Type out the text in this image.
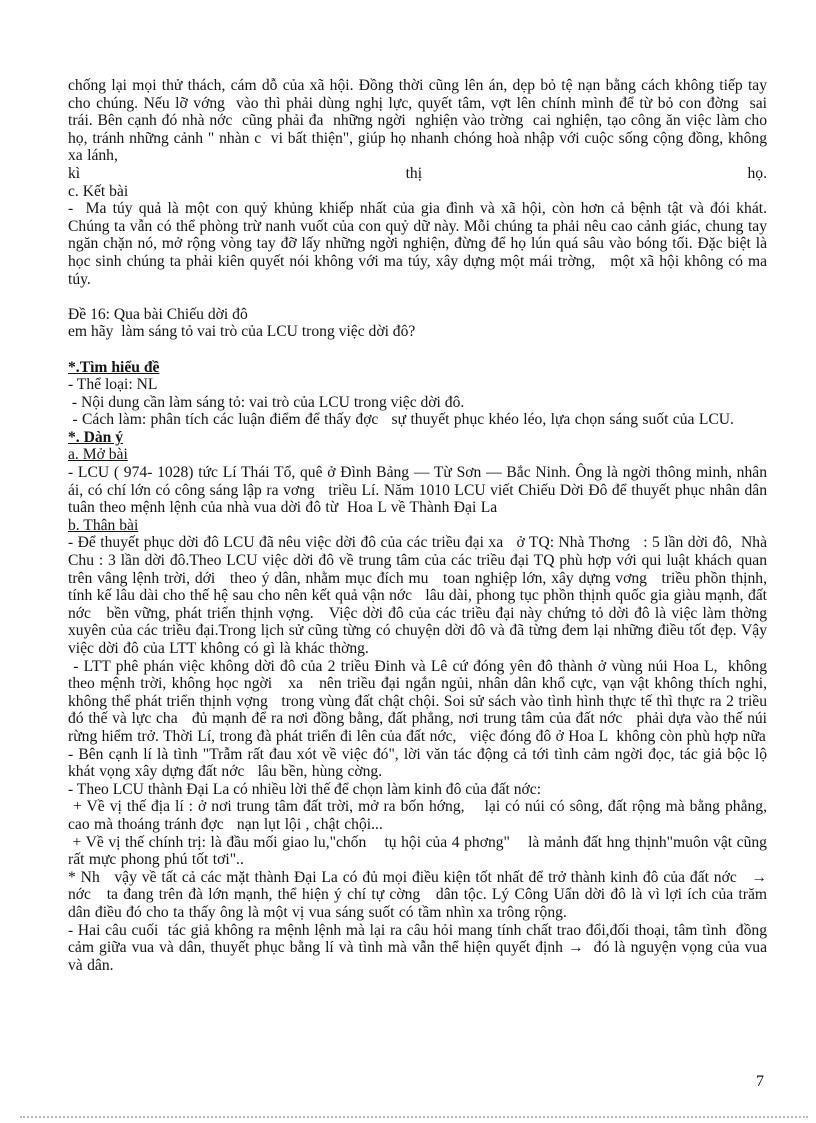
chống lại mọi thử thách, cám dỗ của xã hội. Đồng thời cũng lên án, dẹp bỏ tệ nạn bằng cách không tiếp tay cho chúng. Nếu lỡ vớng  vào thì phải dùng nghị lực, quyết tâm, vợt lên chính mình để từ bỏ con đờng  sai trái. Bên cạnh đó nhà nớc  cũng phải đa  những ngời  nghiện vào trờng  cai nghiện, tạo công ăn việc làm cho họ, tránh những cảnh " nhàn c  vi bất thiện", giúp họ nhanh chóng hoà nhập với cuộc sống cộng đồng, không xa lánh,
kì	thị	họ.
c. Kết bài
-  Ma túy quả là một con quỷ khủng khiếp nhất của gia đình và xã hội, còn hơn cả bệnh tật và đói khát. Chúng ta vẫn có thể phòng trừ nanh vuốt của con quỷ dữ này. Mỗi chúng ta phải nêu cao cảnh giác, chung tay ngăn chặn nó, mở rộng vòng tay đỡ lấy những ngời nghiện, đừng để họ lún quá sâu vào bóng tối. Đặc biệt là học sinh chúng ta phải kiên quyết nói không với ma túy, xây dựng một mái trờng,   một xã hội không có ma túy.
Đề 16: Qua bài Chiếu dời đô
em hãy  làm sáng tỏ vai trò của LCU trong việc dời đô?
*.Tìm hiểu đề
- Thể loại: NL
- Nội dung cần làm sáng tỏ: vai trò của LCU trong việc dời đô.
- Cách làm: phân tích các luận điểm để thấy đợc   sự thuyết phục khéo léo, lựa chọn sáng suốt của LCU.
*. Dàn ý
a. Mở bài
- LCU ( 974- 1028) tức Lí Thái Tổ, quê ở Đình Bảng — Từ Sơn — Bắc Ninh. Ông là ngời thông minh, nhân ái, có chí lớn có công sáng lập ra vơng   triều Lí. Năm 1010 LCU viết Chiếu Dời Đô để thuyết phục nhân dân tuân theo mệnh lệnh của nhà vua dời đô từ  Hoa L về Thành Đại La
b. Thân bài
- Để thuyết phục dời đô LCU đã nêu việc dời đô của các triều đại xa   ở TQ: Nhà Thơng   : 5 lần dời đô,  Nhà Chu : 3 lần dời đô.Theo LCU việc dời đô về trung tâm của các triều đại TQ phù hợp với qui luật khách quan trên vâng lệnh trời, dới   theo ý dân, nhằm mục đích mu   toan nghiệp lớn, xây dựng vơng   triều phồn thịnh, tính kế lâu dài cho thế hệ sau cho nên kết quả vận nớc   lâu dài, phong tục phồn thịnh quốc gia giàu mạnh, đất nớc   bền vững, phát triển thịnh vợng.   Việc dời đô của các triều đại này chứng tỏ dời đô là việc làm thờng   xuyên của các triều đại.Trong lịch sử cũng từng có chuyện dời đô và đã từng đem lại những điều tốt đẹp. Vậy việc dời đô của LTT không có gì là khác thờng.
- LTT phê phán việc không dời đô của 2 triều Đinh và Lê cứ đóng yên đô thành ở vùng núi Hoa L,  không theo mệnh trời, không học ngời   xa   nên triều đại ngắn ngủi, nhân dân khổ cực, vạn vật không thích nghi, không thể phát triển thịnh vợng   trong vùng đất chật chội. Soi sử sách vào tình hình thực tế thì thực ra 2 triều đó thế và lực cha   đủ mạnh để ra nơi đồng bằng, đất phẳng, nơi trung tâm của đất nớc   phải dựa vào thế núi rừng hiểm trở. Thời Lí, trong đà phát triển đi lên của đất nớc,   việc đóng đô ở Hoa L  không còn phù hợp nữa
- Bên cạnh lí là tình "Trẫm rất đau xót về việc đó", lời văn tác động cả tới tình cảm ngời đọc, tác giả bộc lộ khát vọng xây dựng đất nớc   lâu bền, hùng cờng.
- Theo LCU thành Đại La có nhiều lời thế để chọn làm kinh đô của đất nớc:
+ Về vị thế địa lí : ở nơi trung tâm đất trời, mở ra bốn hớng,    lại có núi có sông, đất rộng mà bằng phẳng, cao mà thoáng tránh đợc   nạn lụt lội , chật chội...
+ Về vị thế chính trị: là đầu mối giao lu,"chốn    tụ hội của 4 phơng"    là mảnh đất hng thịnh"muôn vật cũng rất mực phong phú tốt tơi"..
* Nh   vậy về tất cả các mặt thành Đại La có đủ mọi điều kiện tốt nhất để trở thành kinh đô của đất nớc   →  nớc   ta đang trên đà lớn mạnh, thể hiện ý chí tự cờng   dân tộc. Lý Công Uẩn dời đô là vì lợi ích của trăm dân điều đó cho ta thấy ông là một vị vua sáng suốt có tầm nhìn xa trông rộng.
- Hai câu cuối  tác giả không ra mệnh lệnh mà lại ra câu hỏi mang tính chất trao đổi,đối thoại, tâm tình  đồng cảm giữa vua và dân, thuyết phục bằng lí và tình mà vẫn thể hiện quyết định →  đó là nguyện vọng của vua và dân.
7
